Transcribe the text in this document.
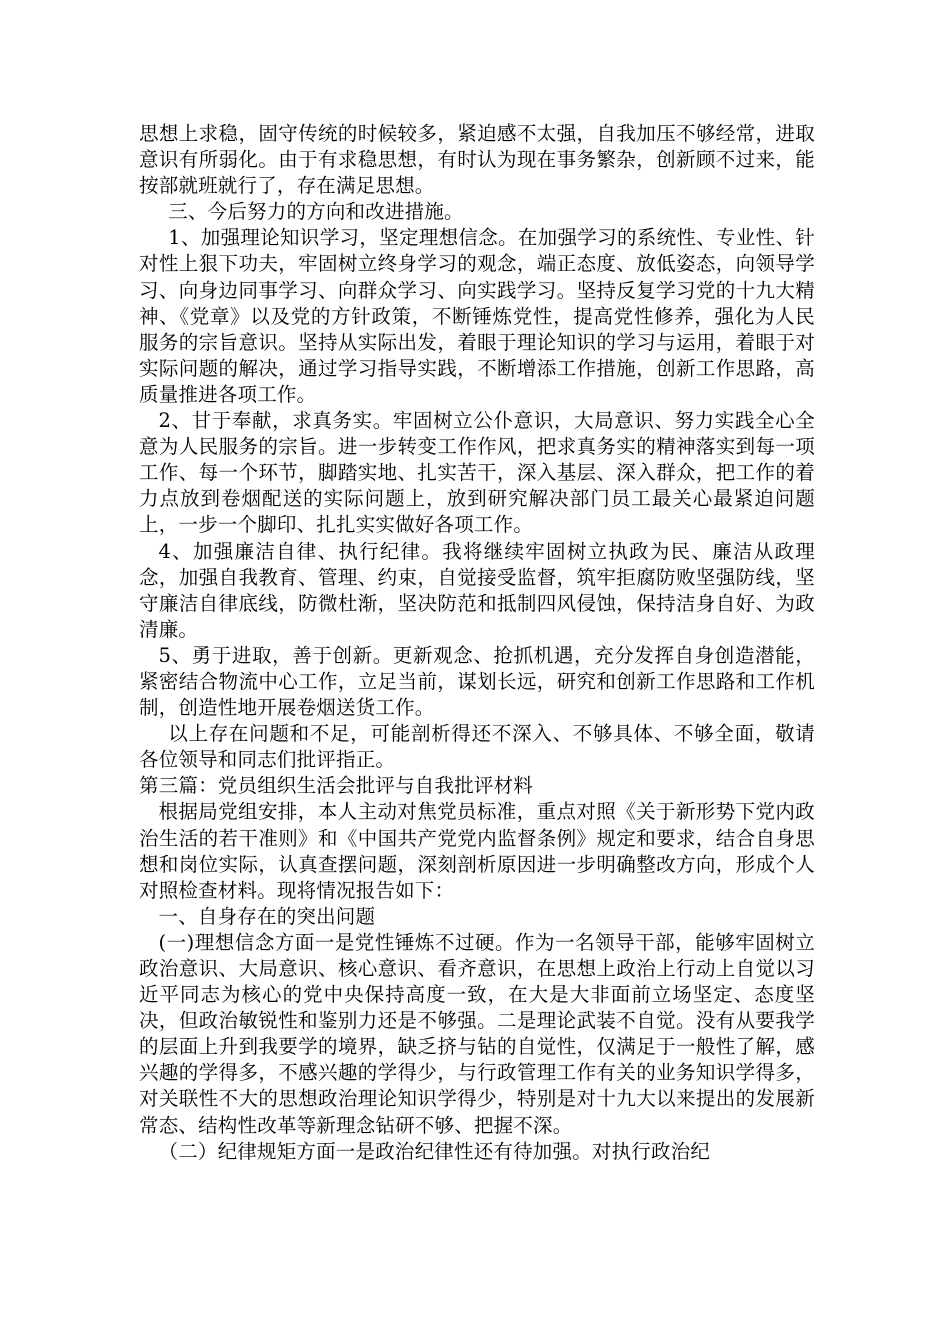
思想上求稳，固守传统的时候较多，紧迫感不太强，自我加压不够经常，进取意识有所弱化。由于有求稳思想，有时认为现在事务繁杂，创新顾不过来，能按部就班就行了，存在满足思想。

三、今后努力的方向和改进措施。

1、加强理论知识学习，坚定理想信念。在加强学习的系统性、专业性、针对性上狠下功夫，牢固树立终身学习的观念，端正态度、放低姿态，向领导学习、向身边同事学习、向群众学习、向实践学习。坚持反复学习党的十九大精神、《党章》以及党的方针政策，不断锤炼党性，提高党性修养，强化为人民服务的宗旨意识。坚持从实际出发，着眼于理论知识的学习与运用，着眼于对实际问题的解决，通过学习指导实践，不断增添工作措施，创新工作思路，高质量推进各项工作。

2、甘于奉献，求真务实。牢固树立公仆意识，大局意识、努力实践全心全意为人民服务的宗旨。进一步转变工作作风，把求真务实的精神落实到每一项工作、每一个环节，脚踏实地、扎实苦干，深入基层、深入群众，把工作的着力点放到卷烟配送的实际问题上，放到研究解决部门员工最关心最紧迫问题上，一步一个脚印、扎扎实实做好各项工作。

4、加强廉洁自律、执行纪律。我将继续牢固树立执政为民、廉洁从政理念，加强自我教育、管理、约束，自觉接受监督，筑牢拒腐防败坚强防线，坚守廉洁自律底线，防微杜渐，坚决防范和抵制四风侵蚀，保持洁身自好、为政清廉。

5、勇于进取，善于创新。更新观念、抢抓机遇，充分发挥自身创造潜能，紧密结合物流中心工作，立足当前，谋划长远，研究和创新工作思路和工作机制，创造性地开展卷烟送货工作。

以上存在问题和不足，可能剖析得还不深入、不够具体、不够全面，敬请各位领导和同志们批评指正。

第三篇：党员组织生活会批评与自我批评材料

根据局党组安排，本人主动对焦党员标准，重点对照《关于新形势下党内政治生活的若干准则》和《中国共产党党内监督条例》规定和要求，结合自身思想和岗位实际，认真查摆问题，深刻剖析原因进一步明确整改方向，形成个人对照检查材料。现将情况报告如下：

一、自身存在的突出问题

(一)理想信念方面一是党性锤炼不过硬。作为一名领导干部，能够牢固树立政治意识、大局意识、核心意识、看齐意识，在思想上政治上行动上自觉以习近平同志为核心的党中央保持高度一致，在大是大非面前立场坚定、态度坚决，但政治敏锐性和鉴别力还是不够强。二是理论武装不自觉。没有从要我学的层面上升到我要学的境界，缺乏挤与钻的自觉性，仅满足于一般性了解，感兴趣的学得多，不感兴趣的学得少，与行政管理工作有关的业务知识学得多，对关联性不大的思想政治理论知识学得少，特别是对十九大以来提出的发展新常态、结构性改革等新理念钻研不够、把握不深。

（二）纪律规矩方面一是政治纪律性还有待加强。对执行政治纪
